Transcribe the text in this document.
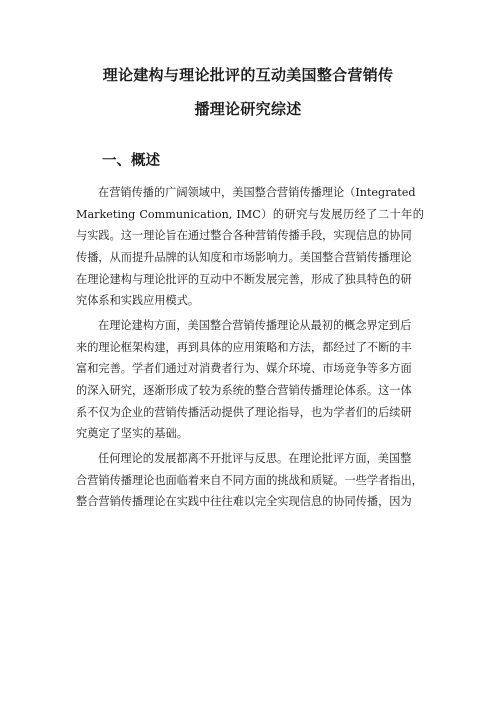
理论建构与理论批评的互动美国整合营销传
播理论研究综述
一、概述
在营销传播的广阔领域中，美国整合营销传播理论（Integrated
Marketing Communication, IMC）的研究与发展历经了二十年的
与实践。这一理论旨在通过整合各种营销传播手段，实现信息的协同
传播，从而提升品牌的认知度和市场影响力。美国整合营销传播理论
在理论建构与理论批评的互动中不断发展完善，形成了独具特色的研
究体系和实践应用模式。
在理论建构方面，美国整合营销传播理论从最初的概念界定到后
来的理论框架构建，再到具体的应用策略和方法，都经过了不断的丰
富和完善。学者们通过对消费者行为、媒介环境、市场竞争等多方面
的深入研究，逐渐形成了较为系统的整合营销传播理论体系。这一体
系不仅为企业的营销传播活动提供了理论指导，也为学者们的后续研
究奠定了坚实的基础。
任何理论的发展都离不开批评与反思。在理论批评方面，美国整
合营销传播理论也面临着来自不同方面的挑战和质疑。一些学者指出，
整合营销传播理论在实践中往往难以完全实现信息的协同传播，因为
